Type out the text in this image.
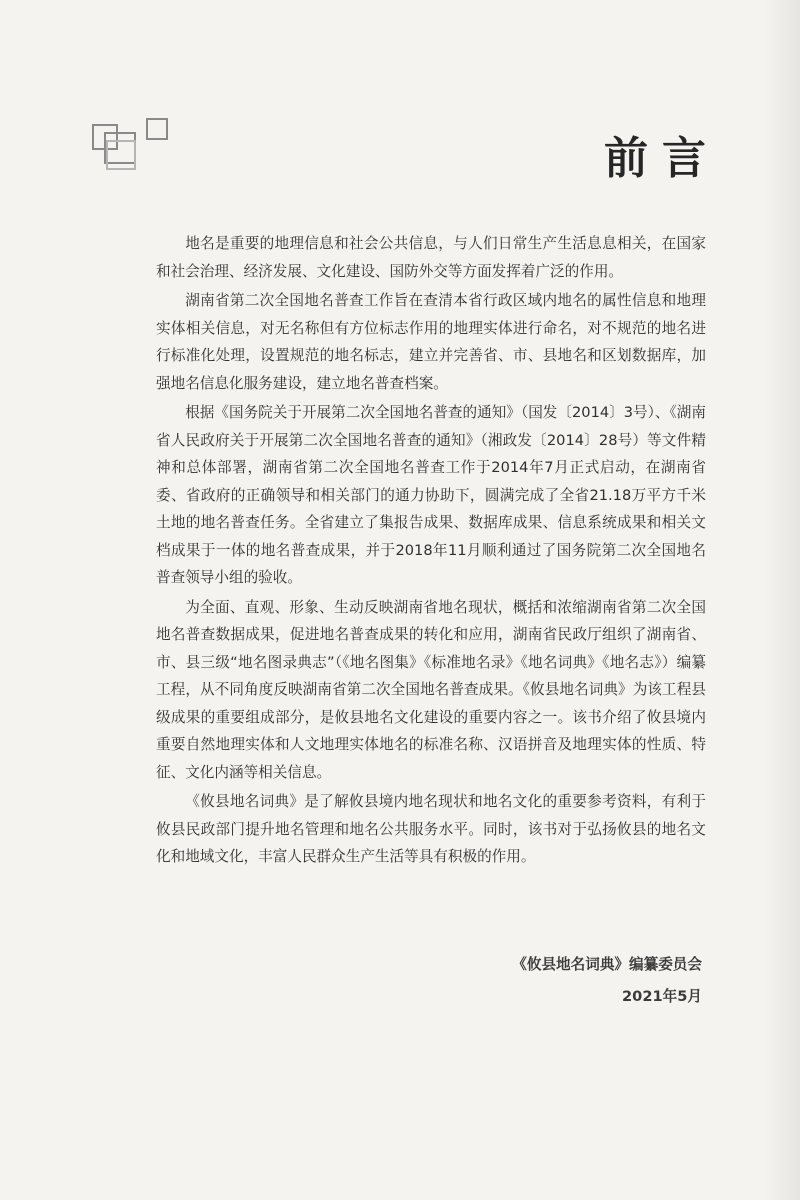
前言

地名是重要的地理信息和社会公共信息，与人们日常生产生活息息相关，在国家和社会治理、经济发展、文化建设、国防外交等方面发挥着广泛的作用。

湖南省第二次全国地名普查工作旨在查清本省行政区域内地名的属性信息和地理实体相关信息，对无名称但有方位标志作用的地理实体进行命名，对不规范的地名进行标准化处理，设置规范的地名标志，建立并完善省、市、县地名和区划数据库，加强地名信息化服务建设，建立地名普查档案。

根据《国务院关于开展第二次全国地名普查的通知》（国发〔2014〕3号）、《湖南省人民政府关于开展第二次全国地名普查的通知》（湘政发〔2014〕28号）等文件精神和总体部署，湖南省第二次全国地名普查工作于2014年7月正式启动，在湖南省委、省政府的正确领导和相关部门的通力协助下，圆满完成了全省21.18万平方千米土地的地名普查任务。全省建立了集报告成果、数据库成果、信息系统成果和相关文档成果于一体的地名普查成果，并于2018年11月顺利通过了国务院第二次全国地名普查领导小组的验收。

为全面、直观、形象、生动反映湖南省地名现状，概括和浓缩湖南省第二次全国地名普查数据成果，促进地名普查成果的转化和应用，湖南省民政厅组织了湖南省、市、县三级“地名图录典志”（《地名图集》《标准地名录》《地名词典》《地名志》）编纂工程，从不同角度反映湖南省第二次全国地名普查成果。《攸县地名词典》为该工程县级成果的重要组成部分，是攸县地名文化建设的重要内容之一。该书介绍了攸县境内重要自然地理实体和人文地理实体地名的标准名称、汉语拼音及地理实体的性质、特征、文化内涵等相关信息。

《攸县地名词典》是了解攸县境内地名现状和地名文化的重要参考资料，有利于攸县民政部门提升地名管理和地名公共服务水平。同时，该书对于弘扬攸县的地名文化和地域文化，丰富人民群众生产生活等具有积极的作用。

《攸县地名词典》编纂委员会
2021年5月
